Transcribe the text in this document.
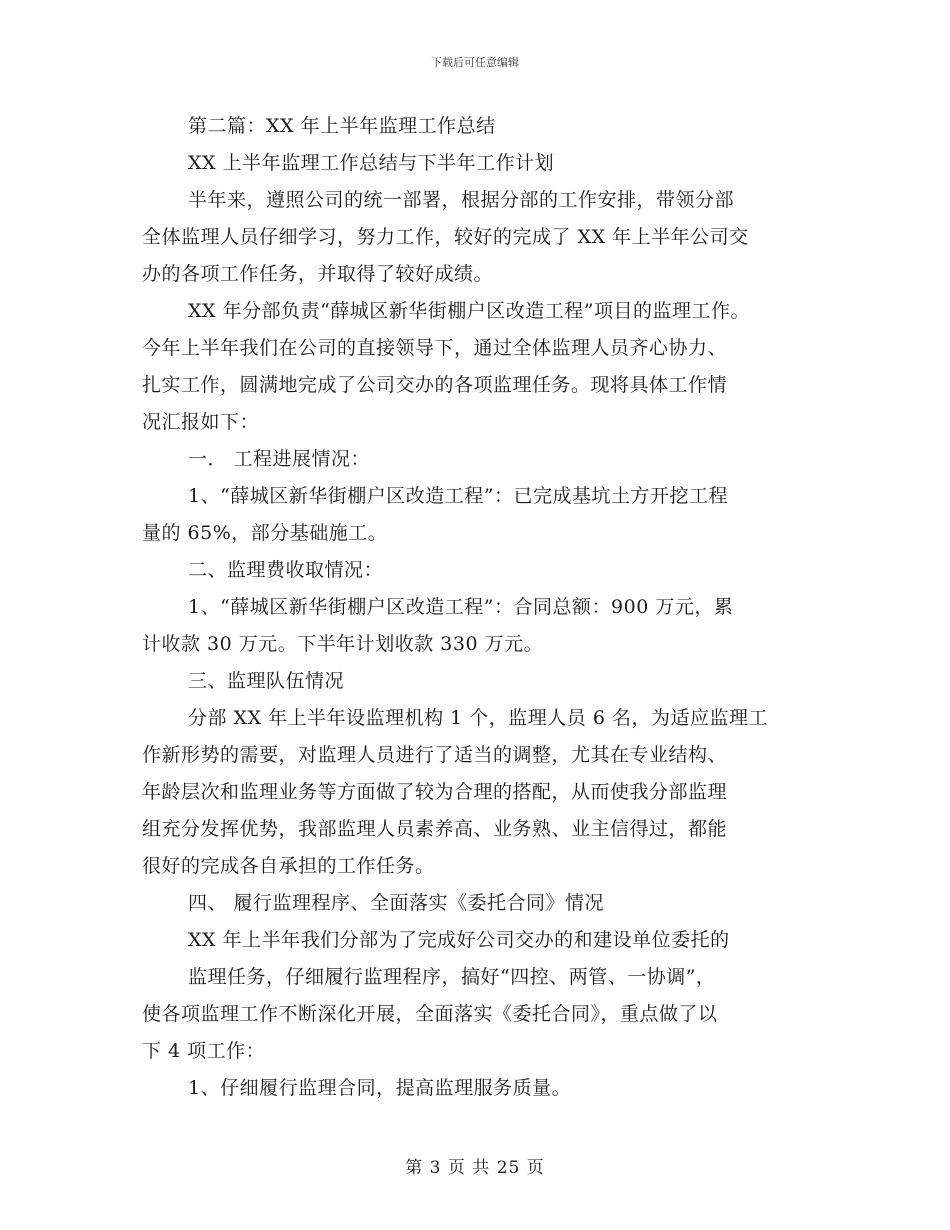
下载后可任意编辑
第二篇：XX 年上半年监理工作总结
XX 上半年监理工作总结与下半年工作计划
半年来，遵照公司的统一部署，根据分部的工作安排，带领分部
全体监理人员仔细学习，努力工作，较好的完成了 XX 年上半年公司交
办的各项工作任务，并取得了较好成绩。
XX 年分部负责“薛城区新华街棚户区改造工程”项目的监理工作。
今年上半年我们在公司的直接领导下，通过全体监理人员齐心协力、
扎实工作，圆满地完成了公司交办的各项监理任务。现将具体工作情
况汇报如下：
一． 工程进展情况：
1、“薛城区新华街棚户区改造工程”：已完成基坑土方开挖工程
量的 65%，部分基础施工。
二、监理费收取情况：
1、“薛城区新华街棚户区改造工程”：合同总额：900 万元，累
计收款 30 万元。下半年计划收款 330 万元。
三、监理队伍情况
分部 XX 年上半年设监理机构 1 个，监理人员 6 名，为适应监理工
作新形势的需要，对监理人员进行了适当的调整，尤其在专业结构、
年龄层次和监理业务等方面做了较为合理的搭配，从而使我分部监理
组充分发挥优势，我部监理人员素养高、业务熟、业主信得过，都能
很好的完成各自承担的工作任务。
四、 履行监理程序、全面落实《委托合同》情况
XX 年上半年我们分部为了完成好公司交办的和建设单位委托的
监理任务，仔细履行监理程序，搞好“四控、两管、一协调”，
使各项监理工作不断深化开展，全面落实《委托合同》，重点做了以
下 4 项工作：
1、仔细履行监理合同，提高监理服务质量。
第 3 页 共 25 页
